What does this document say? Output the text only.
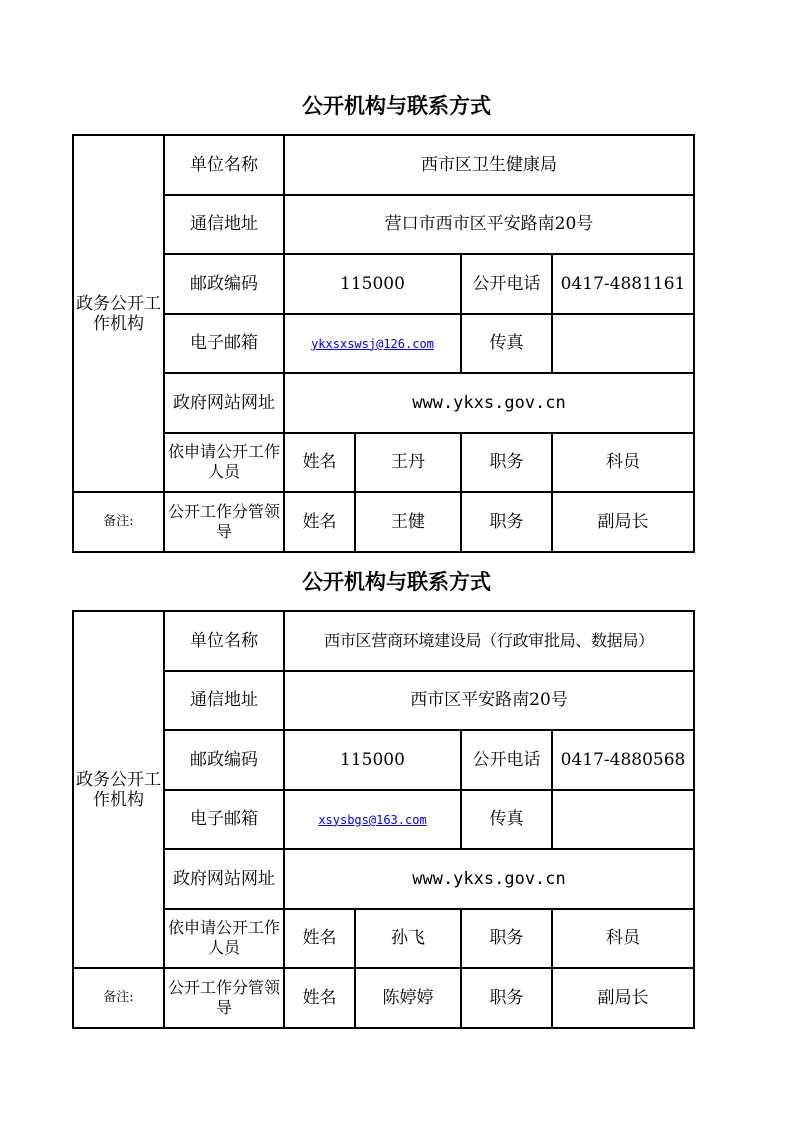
公开机构与联系方式
政务公开工作机构	单位名称	西市区卫生健康局			
	通信地址	营口市西市区平安路南20号			
	邮政编码	115000		公开电话	0417-4881161
	电子邮箱	ykxsxswsj@126.com		传真	
	政府网站网址	www.ykxs.gov.cn			
	依申请公开工作人员	姓名	王丹	职务	科员
备注:	公开工作分管领导	姓名	王健	职务	副局长
公开机构与联系方式
政务公开工作机构	单位名称	西市区营商环境建设局（行政审批局、数据局）			
	通信地址	西市区平安路南20号			
	邮政编码	115000		公开电话	0417-4880568
	电子邮箱	xsysbgs@163.com		传真	
	政府网站网址	www.ykxs.gov.cn			
	依申请公开工作人员	姓名	孙飞	职务	科员
备注:	公开工作分管领导	姓名	陈婷婷	职务	副局长
